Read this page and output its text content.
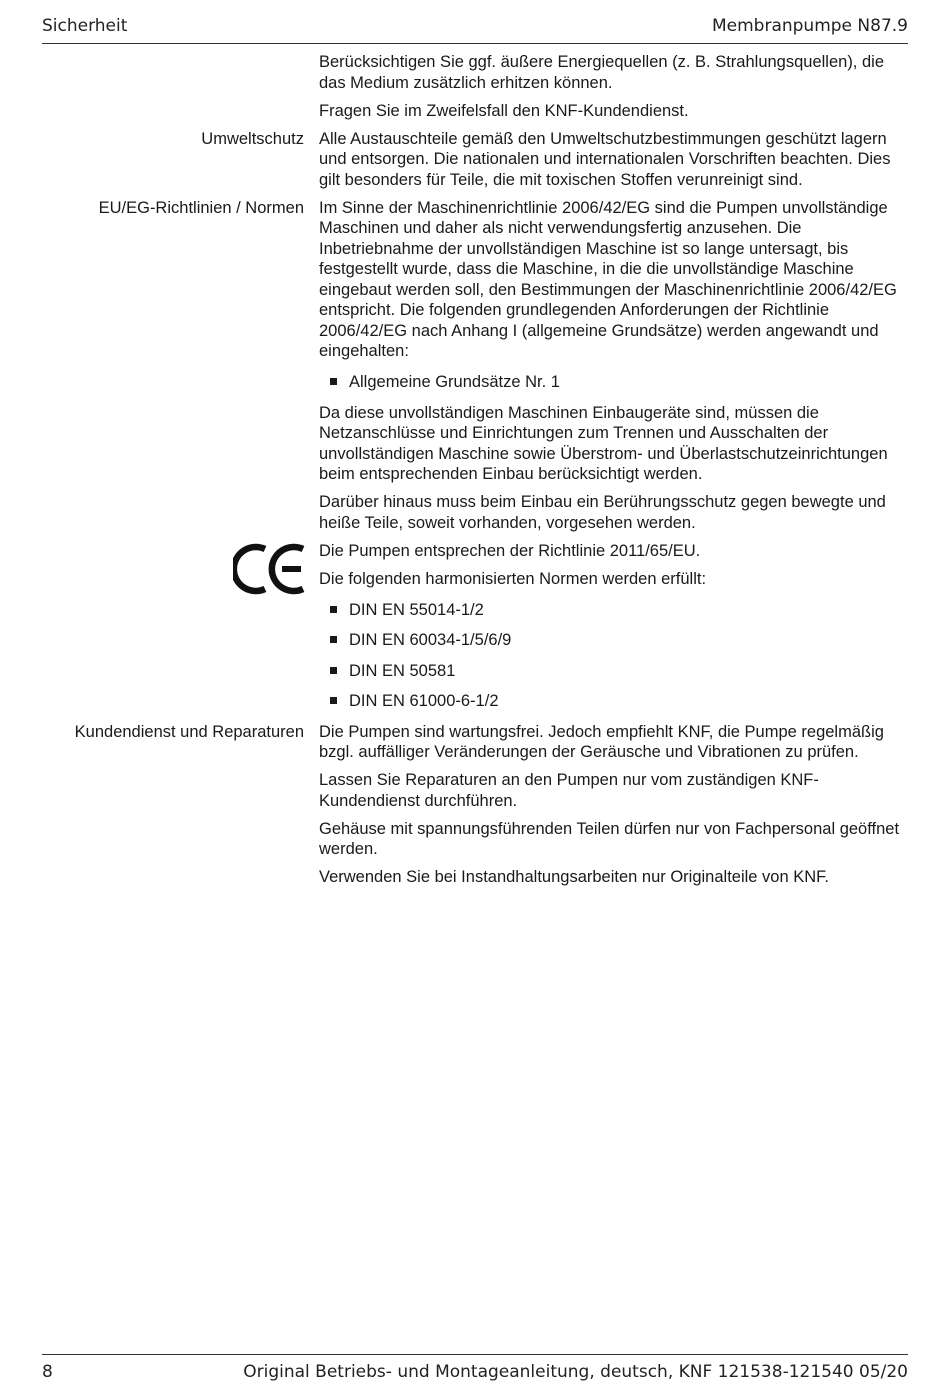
Sicherheit	Membranpumpe N87.9

Berücksichtigen Sie ggf. äußere Energiequellen (z. B. Strahlungsquellen), die das Medium zusätzlich erhitzen können.

Fragen Sie im Zweifelsfall den KNF-Kundendienst.

Umweltschutz Alle Austauschteile gemäß den Umweltschutzbestimmungen geschützt lagern und entsorgen. Die nationalen und internationalen Vorschriften beachten. Dies gilt besonders für Teile, die mit toxischen Stoffen verunreinigt sind.

EU/EG-Richtlinien / Normen Im Sinne der Maschinenrichtlinie 2006/42/EG sind die Pumpen unvollständige Maschinen und daher als nicht verwendungsfertig anzusehen. Die Inbetriebnahme der unvollständigen Maschine ist so lange untersagt, bis festgestellt wurde, dass die Maschine, in die die unvollständige Maschine eingebaut werden soll, den Bestimmungen der Maschinenrichtlinie 2006/42/EG entspricht. Die folgenden grundlegenden Anforderungen der Richtlinie 2006/42/EG nach Anhang I (allgemeine Grundsätze) werden angewandt und eingehalten:

Allgemeine Grundsätze Nr. 1

Da diese unvollständigen Maschinen Einbaugeräte sind, müssen die Netzanschlüsse und Einrichtungen zum Trennen und Ausschalten der unvollständigen Maschine sowie Überstrom- und Überlastschutzeinrichtungen beim entsprechenden Einbau berücksichtigt werden.

Darüber hinaus muss beim Einbau ein Berührungsschutz gegen bewegte und heiße Teile, soweit vorhanden, vorgesehen werden.

Die Pumpen entsprechen der Richtlinie 2011/65/EU.

Die folgenden harmonisierten Normen werden erfüllt:

DIN EN 55014-1/2
DIN EN 60034-1/5/6/9
DIN EN 50581
DIN EN 61000-6-1/2
Kundendienst und Reparaturen Die Pumpen sind wartungsfrei. Jedoch empfiehlt KNF, die Pumpe regelmäßig bzgl. auffälliger Veränderungen der Geräusche und Vibrationen zu prüfen.

Lassen Sie Reparaturen an den Pumpen nur vom zuständigen KNF-Kundendienst durchführen.

Gehäuse mit spannungsführenden Teilen dürfen nur von Fachpersonal geöffnet werden.

Verwenden Sie bei Instandhaltungsarbeiten nur Originalteile von KNF.

8	Original Betriebs- und Montageanleitung, deutsch, KNF 121538-121540 05/20
